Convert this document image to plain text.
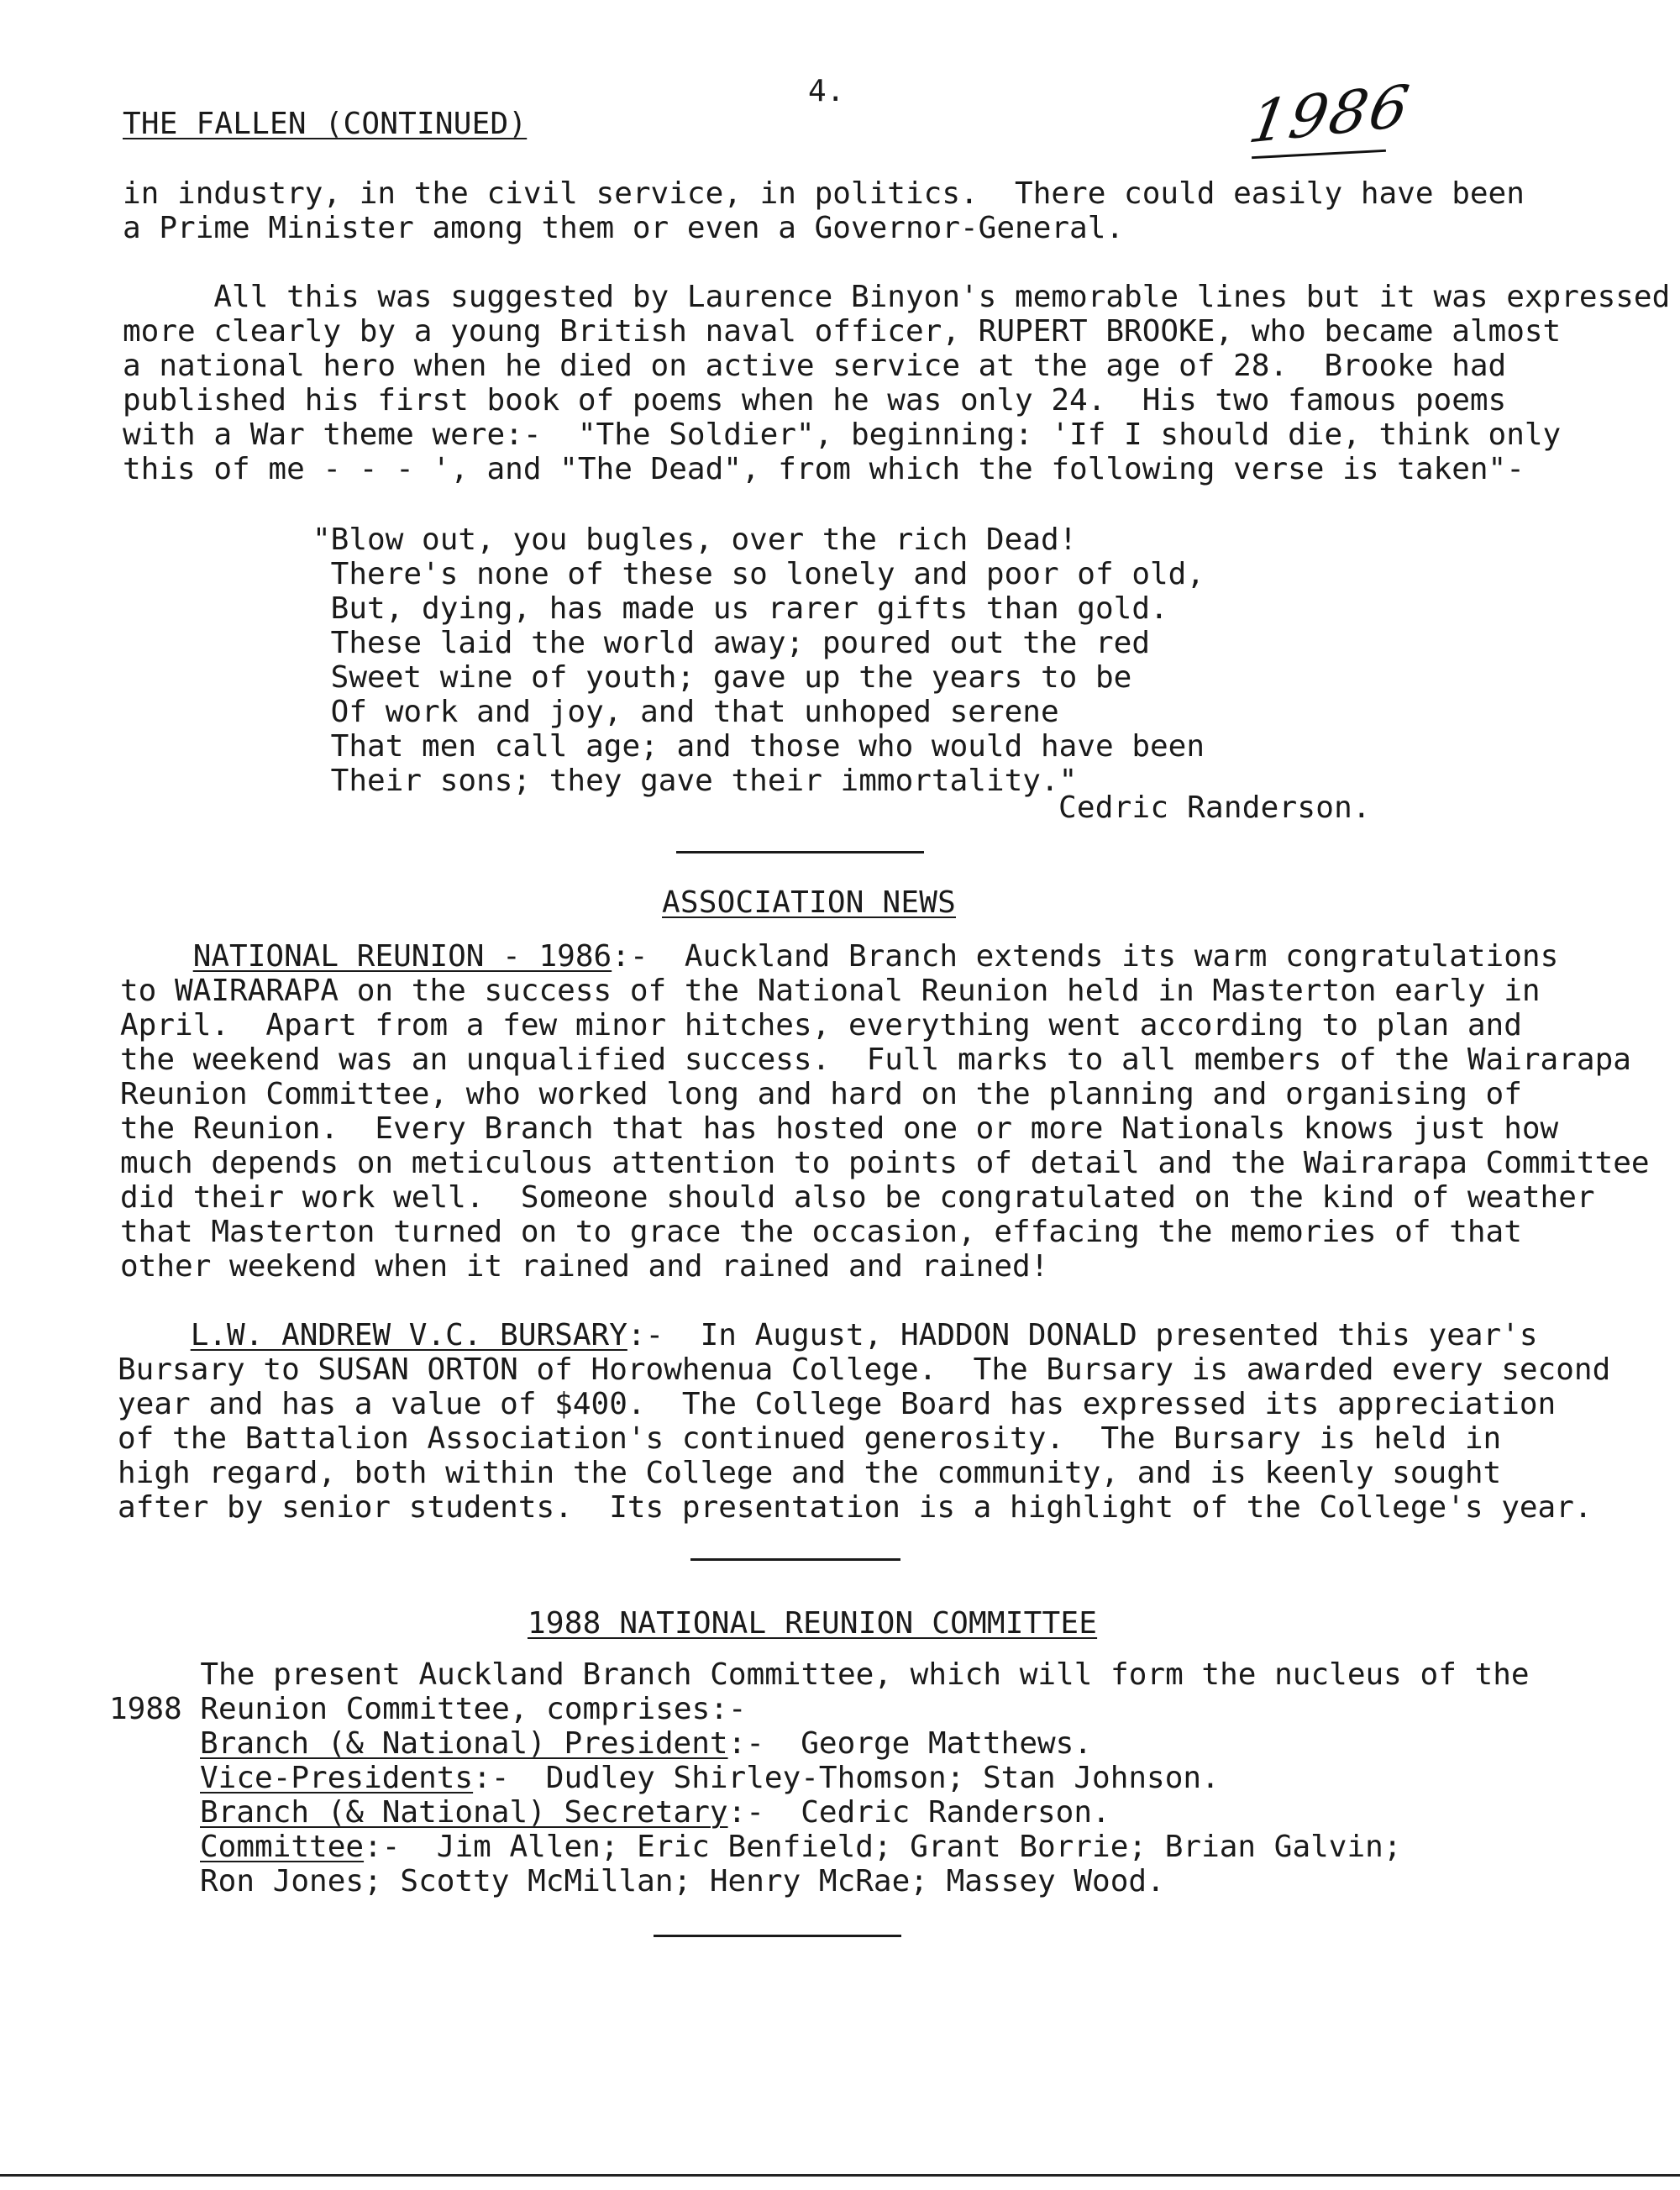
4.	1986
THE FALLEN (CONTINUED)
in industry, in the civil service, in politics.  There could easily have been
a Prime Minister among them or even a Governor-General.
All this was suggested by Laurence Binyon's memorable lines but it was expressed
more clearly by a young British naval officer, RUPERT BROOKE, who became almost
a national hero when he died on active service at the age of 28.  Brooke had
published his first book of poems when he was only 24.  His two famous poems
with a War theme were:-  "The Soldier", beginning: 'If I should die, think only
this of me - - - ', and "The Dead", from which the following verse is taken"-
"Blow out, you bugles, over the rich Dead!
There's none of these so lonely and poor of old,
But, dying, has made us rarer gifts than gold.
These laid the world away; poured out the red
Sweet wine of youth; gave up the years to be
Of work and joy, and that unhoped serene
That men call age; and those who would have been
Their sons; they gave their immortality."
Cedric Randerson.
ASSOCIATION NEWS
NATIONAL REUNION - 1986:-  Auckland Branch extends its warm congratulations
to WAIRARAPA on the success of the National Reunion held in Masterton early in
April.  Apart from a few minor hitches, everything went according to plan and
the weekend was an unqualified success.  Full marks to all members of the Wairarapa
Reunion Committee, who worked long and hard on the planning and organising of
the Reunion.  Every Branch that has hosted one or more Nationals knows just how
much depends on meticulous attention to points of detail and the Wairarapa Committee
did their work well.  Someone should also be congratulated on the kind of weather
that Masterton turned on to grace the occasion, effacing the memories of that
other weekend when it rained and rained and rained!
L.W. ANDREW V.C. BURSARY:-  In August, HADDON DONALD presented this year's
Bursary to SUSAN ORTON of Horowhenua College.  The Bursary is awarded every second
year and has a value of $400.  The College Board has expressed its appreciation
of the Battalion Association's continued generosity.  The Bursary is held in
high regard, both within the College and the community, and is keenly sought
after by senior students.  Its presentation is a highlight of the College's year.
1988 NATIONAL REUNION COMMITTEE
The present Auckland Branch Committee, which will form the nucleus of the
1988 Reunion Committee, comprises:-
Branch (& National) President:-  George Matthews.
Vice-Presidents:-  Dudley Shirley-Thomson; Stan Johnson.
Branch (& National) Secretary:-  Cedric Randerson.
Committee:-  Jim Allen; Eric Benfield; Grant Borrie; Brian Galvin;
Ron Jones; Scotty McMillan; Henry McRae; Massey Wood.
